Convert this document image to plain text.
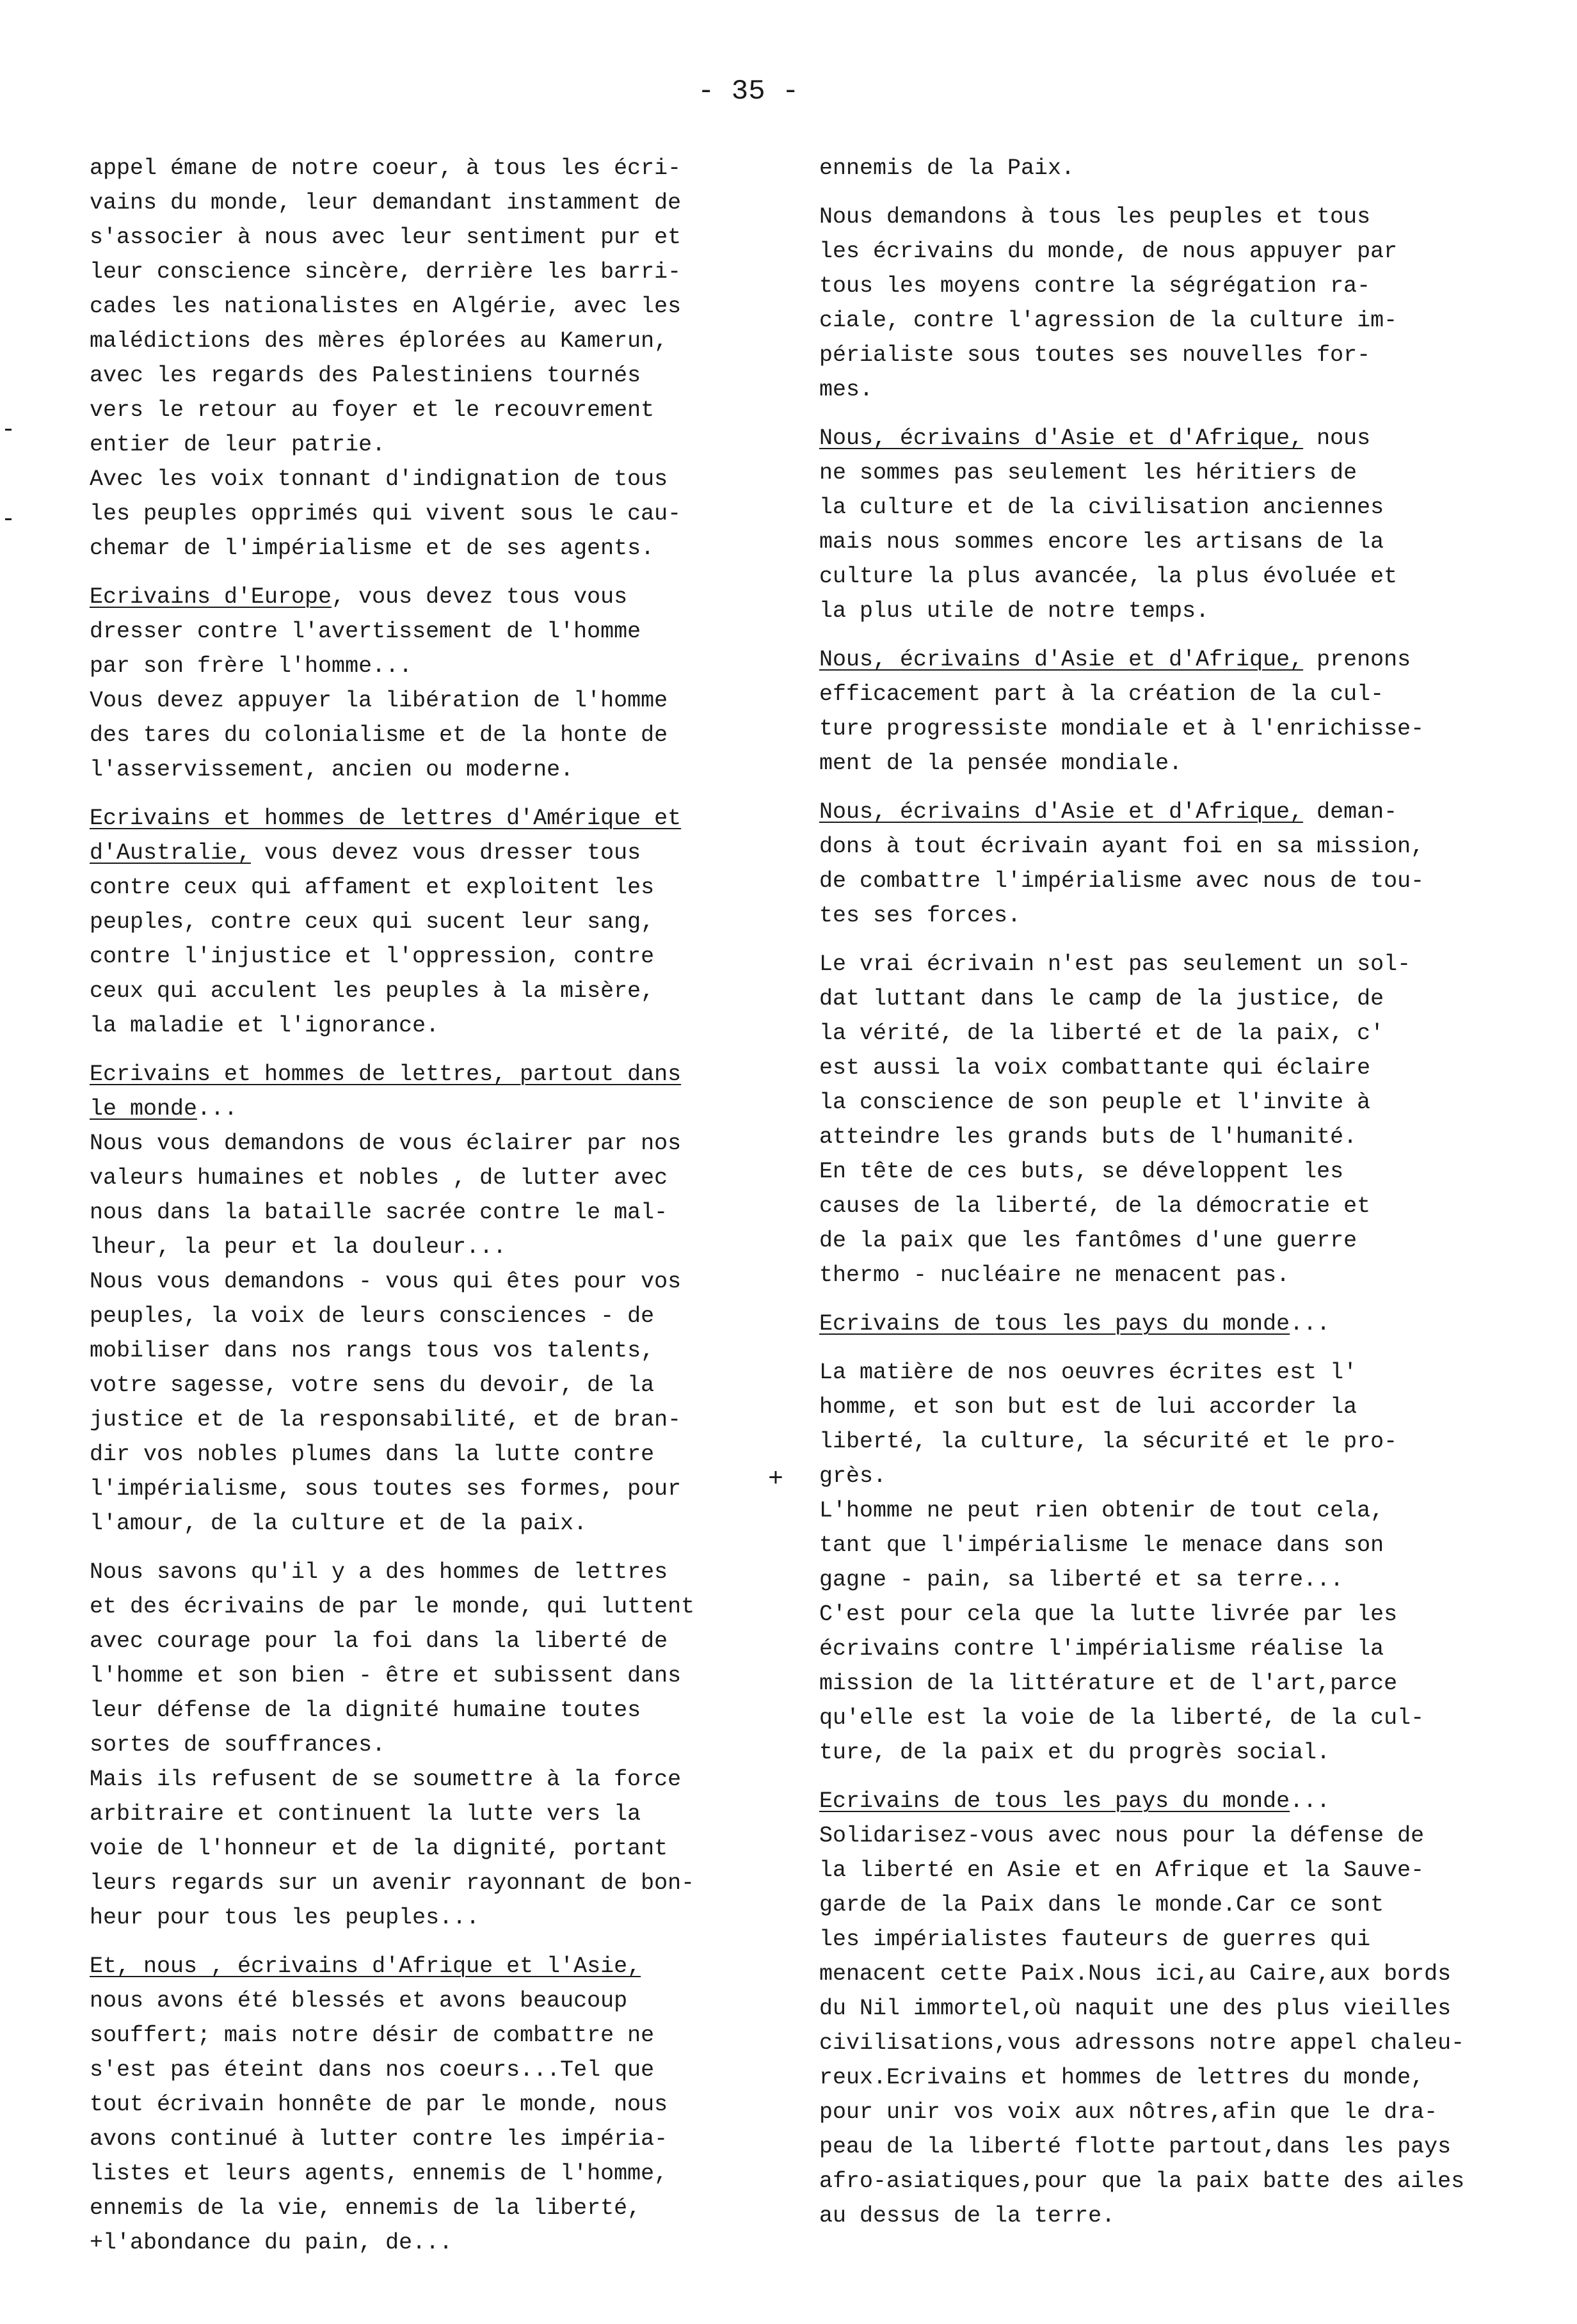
- 35 -
appel émane de notre coeur, à tous les écri-
vains du monde, leur demandant instamment de
s'associer à nous avec leur sentiment pur et
leur conscience sincère, derrière les barri-
cades les nationalistes en Algérie, avec les
malédictions des mères éplorées au Kamerun,
avec les regards des Palestiniens tournés
vers le retour au foyer et le recouvrement
entier de leur patrie.
Avec les voix tonnant d'indignation de tous
les peuples opprimés qui vivent sous le cau-
chemar de l'impérialisme et de ses agents.
Ecrivains d'Europe, vous devez tous vous
dresser contre l'avertissement de l'homme
par son frère l'homme...
Vous devez appuyer la libération de l'homme
des tares du colonialisme et de la honte de
l'asservissement, ancien ou moderne.
Ecrivains et hommes de lettres d'Amérique et
d'Australie, vous devez vous dresser tous
contre ceux qui affament et exploitent les
peuples, contre ceux qui sucent leur sang,
contre l'injustice et l'oppression, contre
ceux qui acculent les peuples à la misère,
la maladie et l'ignorance.
Ecrivains et hommes de lettres, partout dans
le monde...
Nous vous demandons de vous éclairer par nos
valeurs humaines et nobles , de lutter avec
nous dans la bataille sacrée contre le mal-
lheur, la peur et la douleur...
Nous vous demandons - vous qui êtes pour vos
peuples, la voix de leurs consciences - de
mobiliser dans nos rangs tous vos talents,
votre sagesse, votre sens du devoir, de la
justice et de la responsabilité, et de bran-
dir vos nobles plumes dans la lutte contre
l'impérialisme, sous toutes ses formes, pour
l'amour, de la culture et de la paix.
Nous savons qu'il y a des hommes de lettres
et des écrivains de par le monde, qui luttent
avec courage pour la foi dans la liberté de
l'homme et son bien - être et subissent dans
leur défense de la dignité humaine toutes
sortes de souffrances.
Mais ils refusent de se soumettre à la force
arbitraire et continuent la lutte vers la
voie de l'honneur et de la dignité, portant
leurs regards sur un avenir rayonnant de bon-
heur pour tous les peuples...
Et, nous , écrivains d'Afrique et l'Asie,
nous avons été blessés et avons beaucoup
souffert; mais notre désir de combattre ne
s'est pas éteint dans nos coeurs...Tel que
tout écrivain honnête de par le monde, nous
avons continué à lutter contre les impéria-
listes et leurs agents, ennemis de l'homme,
ennemis de la vie, ennemis de la liberté,
+l'abondance du pain, de...
ennemis de la Paix.
Nous demandons à tous les peuples et tous
les écrivains du monde, de nous appuyer par
tous les moyens contre la ségrégation ra-
ciale, contre l'agression de la culture im-
périaliste sous toutes ses nouvelles for-
mes.
Nous, écrivains d'Asie et d'Afrique, nous
ne sommes pas seulement les héritiers de
la culture et de la civilisation anciennes
mais nous sommes encore les artisans de la
culture la plus avancée, la plus évoluée et
la plus utile de notre temps.
Nous, écrivains d'Asie et d'Afrique, prenons
efficacement part à la création de la cul-
ture progressiste mondiale et à l'enrichisse-
ment de la pensée mondiale.
Nous, écrivains d'Asie et d'Afrique, deman-
dons à tout écrivain ayant foi en sa mission,
de combattre l'impérialisme avec nous de tou-
tes ses forces.
Le vrai écrivain n'est pas seulement un sol-
dat luttant dans le camp de la justice, de
la vérité, de la liberté et de la paix, c'
est aussi la voix combattante qui éclaire
la conscience de son peuple et l'invite à
atteindre les grands buts de l'humanité.
En tête de ces buts, se développent les
causes de la liberté, de la démocratie et
de la paix que les fantômes d'une guerre
thermo - nucléaire ne menacent pas.
Ecrivains de tous les pays du monde...
La matière de nos oeuvres écrites est l'
homme, et son but est de lui accorder la
liberté, la culture, la sécurité et le pro-
grès.
L'homme ne peut rien obtenir de tout cela,
tant que l'impérialisme le menace dans son
gagne - pain, sa liberté et sa terre...
C'est pour cela que la lutte livrée par les
écrivains contre l'impérialisme réalise la
mission de la littérature et de l'art,parce
qu'elle est la voie de la liberté, de la cul-
ture, de la paix et du progrès social.
Ecrivains de tous les pays du monde...
Solidarisez-vous avec nous pour la défense de
la liberté en Asie et en Afrique et la Sauve-
garde de la Paix dans le monde.Car ce sont
les impérialistes fauteurs de guerres qui
menacent cette Paix.Nous ici,au Caire,aux bords
du Nil immortel,où naquit une des plus vieilles
civilisations,vous adressons notre appel chaleu-
reux.Ecrivains et hommes de lettres du monde,
pour unir vos voix aux nôtres,afin que le dra-
peau de la liberté flotte partout,dans les pays
afro-asiatiques,pour que la paix batte des ailes
au dessus de la terre.
+
